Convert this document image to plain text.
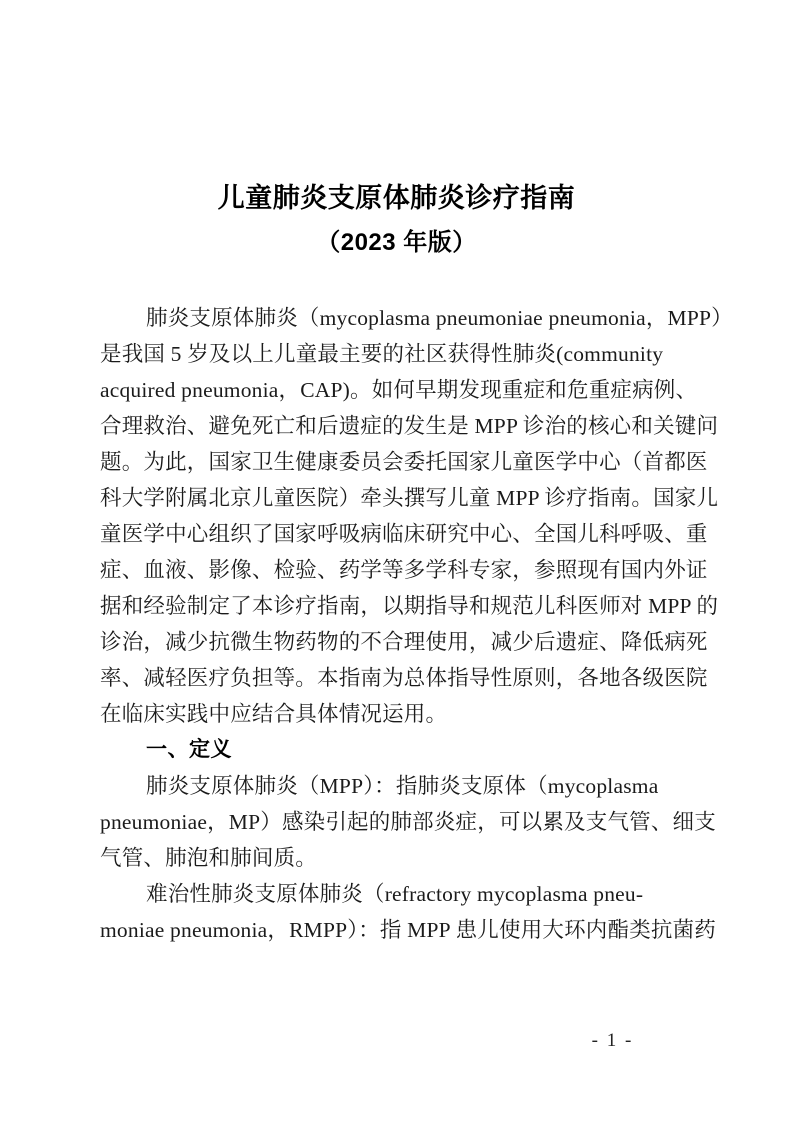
儿童肺炎支原体肺炎诊疗指南
（2023 年版）
肺炎支原体肺炎（mycoplasma pneumoniae pneumonia，MPP）
是我国 5 岁及以上儿童最主要的社区获得性肺炎(community
acquired pneumonia，CAP)。如何早期发现重症和危重症病例、
合理救治、避免死亡和后遗症的发生是 MPP 诊治的核心和关键问
题。为此，国家卫生健康委员会委托国家儿童医学中心（首都医
科大学附属北京儿童医院）牵头撰写儿童 MPP 诊疗指南。国家儿
童医学中心组织了国家呼吸病临床研究中心、全国儿科呼吸、重
症、血液、影像、检验、药学等多学科专家，参照现有国内外证
据和经验制定了本诊疗指南，以期指导和规范儿科医师对 MPP 的
诊治，减少抗微生物药物的不合理使用，减少后遗症、降低病死
率、减轻医疗负担等。本指南为总体指导性原则，各地各级医院
在临床实践中应结合具体情况运用。
一、定义
肺炎支原体肺炎（MPP）：指肺炎支原体（mycoplasma
pneumoniae，MP）感染引起的肺部炎症，可以累及支气管、细支
气管、肺泡和肺间质。
难治性肺炎支原体肺炎（refractory mycoplasma pneu-
moniae pneumonia，RMPP）：指 MPP 患儿使用大环内酯类抗菌药
- 1 -
